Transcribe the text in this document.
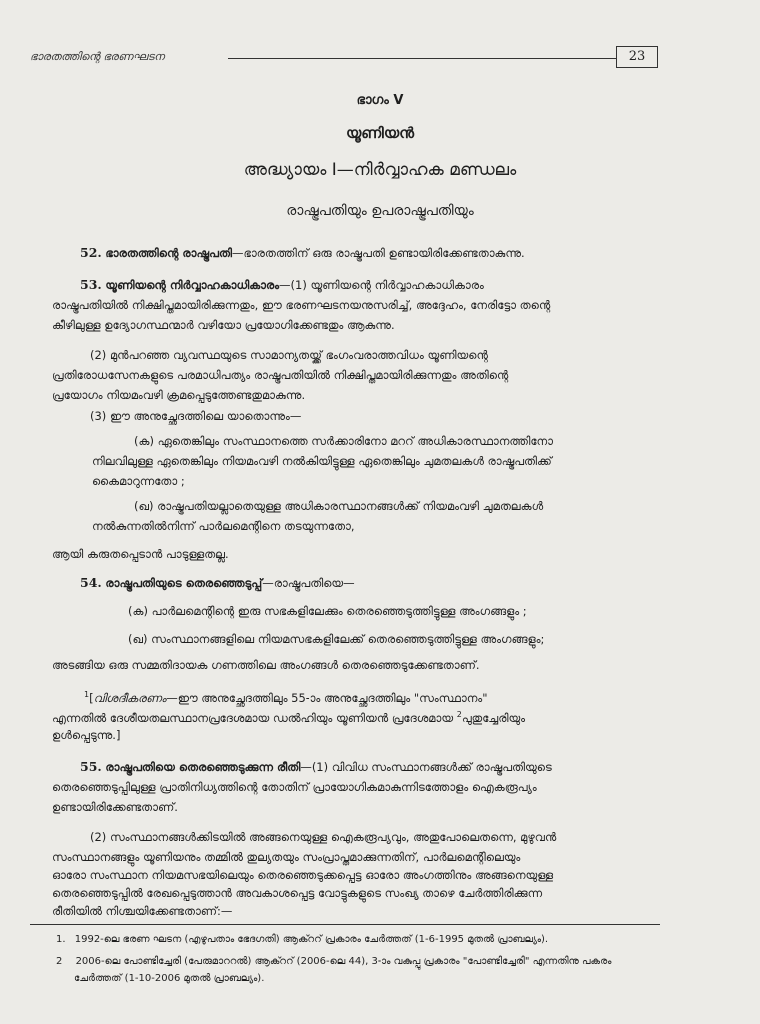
ഭാരതത്തിന്റെ ഭരണഘടന	23
ഭാഗം V
യൂണിയൻ
അദ്ധ്യായം I—നിർവ്വാഹക മണ്ഡലം
രാഷ്ട്രപതിയും ഉപരാഷ്ട്രപതിയും
52. ഭാരതത്തിന്റെ രാഷ്ട്രപതി—ഭാരതത്തിന് ഒരു രാഷ്ട്രപതി ഉണ്ടായിരിക്കേണ്ടതാകുന്നു.
53. യൂണിയന്റെ നിർവ്വാഹകാധികാരം—(1) യൂണിയന്റെ നിർവ്വാഹകാധികാരം
രാഷ്ട്രപതിയിൽ നിക്ഷിപ്തമായിരിക്കുന്നതും, ഈ ഭരണഘടനയനുസരിച്ച്, അദ്ദേഹം, നേരിട്ടോ തന്റെ
കീഴിലുള്ള ഉദ്യോഗസ്ഥന്മാർ വഴിയോ പ്രയോഗിക്കേണ്ടതും ആകുന്നു.
(2) മുൻപറഞ്ഞ വ്യവസ്ഥയുടെ സാമാന്യതയ്ക്ക് ഭംഗംവരാത്തവിധം യൂണിയന്റെ
പ്രതിരോധസേനകളുടെ പരമാധിപത്യം രാഷ്ട്രപതിയിൽ നിക്ഷിപ്തമായിരിക്കുന്നതും അതിന്റെ
പ്രയോഗം നിയമംവഴി ക്രമപ്പെടുത്തേണ്ടതുമാകുന്നു.
(3) ഈ അനുച്ഛേദത്തിലെ യാതൊന്നും—
(ക) ഏതെങ്കിലും സംസ്ഥാനത്തെ സർക്കാരിനോ മററ് അധികാരസ്ഥാനത്തിനോ
നിലവിലുള്ള ഏതെങ്കിലും നിയമംവഴി നൽകിയിട്ടുള്ള ഏതെങ്കിലും ചുമതലകൾ രാഷ്ട്രപതിക്ക്
കൈമാറുന്നതോ ;
(ഖ) രാഷ്ട്രപതിയല്ലാതെയുള്ള അധികാരസ്ഥാനങ്ങൾക്ക് നിയമംവഴി ചുമതലകൾ
നൽകുന്നതിൽനിന്ന് പാർലമെന്റിനെ തടയുന്നതോ,
ആയി കരുതപ്പെടാൻ പാടുള്ളതല്ല.
54. രാഷ്ട്രപതിയുടെ തെരഞ്ഞെടുപ്പ്—രാഷ്ട്രപതിയെ—
(ക) പാർലമെന്റിന്റെ ഇരു സഭകളിലേക്കും തെരഞ്ഞെടുത്തിട്ടുള്ള അംഗങ്ങളും ;
(ഖ) സംസ്ഥാനങ്ങളിലെ നിയമസഭകളിലേക്ക് തെരഞ്ഞെടുത്തിട്ടുള്ള അംഗങ്ങളും;
അടങ്ങിയ ഒരു സമ്മതിദായക ഗണത്തിലെ അംഗങ്ങൾ തെരഞ്ഞെടുക്കേണ്ടതാണ്.
$^1$[വിശദീകരണം—ഈ അനുച്ഛേദത്തിലും 55-ാം അനുച്ഛേദത്തിലും "സംസ്ഥാനം"
എന്നതിൽ ദേശീയതലസ്ഥാനപ്രദേശമായ ഡൽഹിയും യൂണിയൻ പ്രദേശമായ $^2$പുതുച്ചേരിയും
ഉൾപ്പെടുന്നു.]
55. രാഷ്ട്രപതിയെ തെരഞ്ഞെടുക്കുന്ന രീതി—(1) വിവിധ സംസ്ഥാനങ്ങൾക്ക് രാഷ്ട്രപതിയുടെ
തെരഞ്ഞെടുപ്പിലുള്ള പ്രാതിനിധ്യത്തിന്റെ തോതിന് പ്രായോഗികമാകുന്നിടത്തോളം ഐകരൂപ്യം
ഉണ്ടായിരിക്കേണ്ടതാണ്.
(2) സംസ്ഥാനങ്ങൾക്കിടയിൽ അങ്ങനെയുള്ള ഐകരൂപ്യവും, അതുപോലെതന്നെ, മുഴുവൻ
സംസ്ഥാനങ്ങളും യൂണിയനും തമ്മിൽ തുല്യതയും സംപ്രാപ്തമാക്കുന്നതിന്, പാർലമെന്റിലെയും
ഓരോ സംസ്ഥാന നിയമസഭയിലെയും തെരഞ്ഞെടുക്കപ്പെട്ട ഓരോ അംഗത്തിനും അങ്ങനെയുള്ള
തെരഞ്ഞെടുപ്പിൽ രേഖപ്പെടുത്താൻ അവകാശപ്പെട്ട വോട്ടുകളുടെ സംഖ്യ താഴെ ചേർത്തിരിക്കുന്ന
രീതിയിൽ നിശ്ചയിക്കേണ്ടതാണ്:—
1. 1992-ലെ ഭരണ ഘടന (എഴുപതാം ഭേദഗതി) ആക്ററ് പ്രകാരം ചേർത്തത് (1-6-1995 മുതൽ പ്രാബല്യം).
2 2006-ലെ പോണ്ടിച്ചേരി (പേരുമാററൽ) ആക്ററ് (2006-ലെ 44), 3-ാം വകുപ്പു പ്രകാരം "പോണ്ടിച്ചേരി" എന്നതിനു പകരം
ചേർത്തത് (1-10-2006 മുതൽ പ്രാബല്യം).
